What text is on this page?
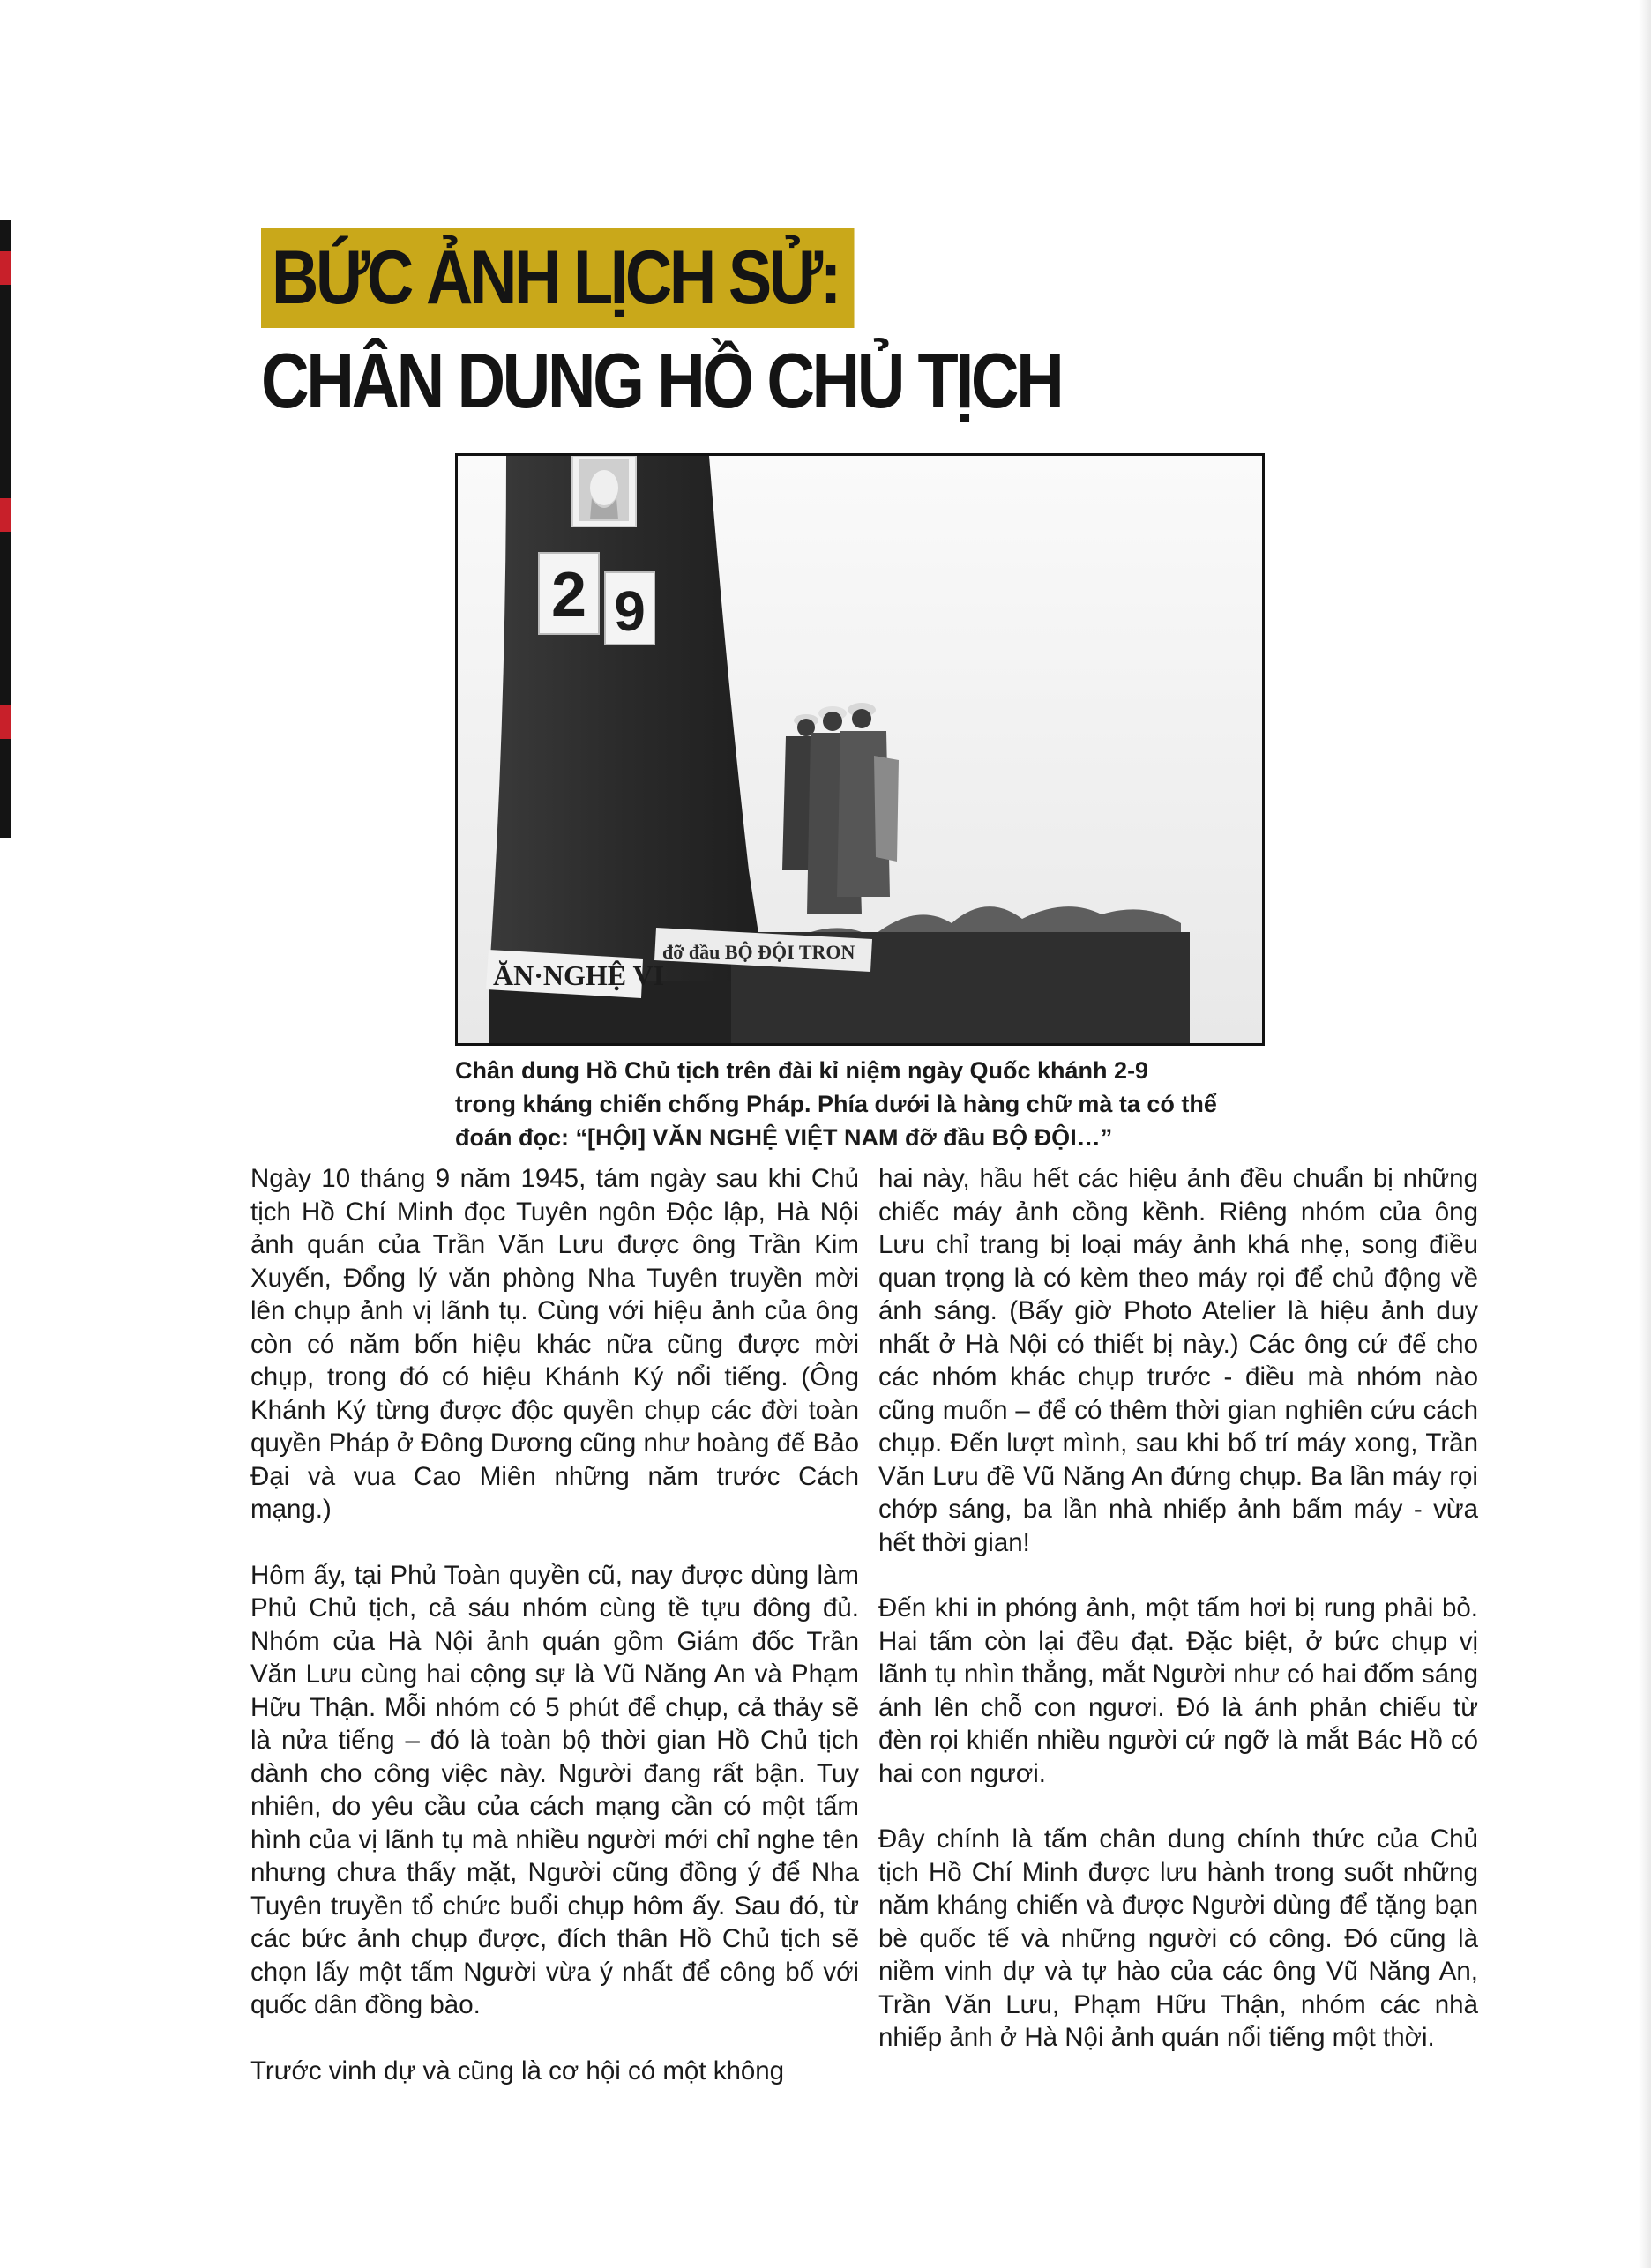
BỨC ẢNH LỊCH SỬ:
CHÂN DUNG HỒ CHỦ TỊCH
2 9
ĂN·NGHỆ VI
đỡ đầu BỘ ĐỘI TRON
Chân dung Hồ Chủ tịch trên đài kỉ niệm ngày Quốc khánh 2-9
trong kháng chiến chống Pháp. Phía dưới là hàng chữ mà ta có thể
đoán đọc: “[HỘI] VĂN NGHỆ VIỆT NAM đỡ đầu BỘ ĐỘI…”

Ngày 10 tháng 9 năm 1945, tám ngày sau khi Chủ tịch Hồ Chí Minh đọc Tuyên ngôn Độc lập, Hà Nội ảnh quán của Trần Văn Lưu được ông Trần Kim Xuyến, Đổng lý văn phòng Nha Tuyên truyền mời lên chụp ảnh vị lãnh tụ. Cùng với hiệu ảnh của ông còn có năm bốn hiệu khác nữa cũng được mời chụp, trong đó có hiệu Khánh Ký nổi tiếng. (Ông Khánh Ký từng được độc quyền chụp các đời toàn quyền Pháp ở Đông Dương cũng như hoàng đế Bảo Đại và vua Cao Miên những năm trước Cách mạng.)

Hôm ấy, tại Phủ Toàn quyền cũ, nay được dùng làm Phủ Chủ tịch, cả sáu nhóm cùng tề tựu đông đủ. Nhóm của Hà Nội ảnh quán gồm Giám đốc Trần Văn Lưu cùng hai cộng sự là Vũ Năng An và Phạm Hữu Thận. Mỗi nhóm có 5 phút để chụp, cả thảy sẽ là nửa tiếng – đó là toàn bộ thời gian Hồ Chủ tịch dành cho công việc này. Người đang rất bận. Tuy nhiên, do yêu cầu của cách mạng cần có một tấm hình của vị lãnh tụ mà nhiều người mới chỉ nghe tên nhưng chưa thấy mặt, Người cũng đồng ý để Nha Tuyên truyền tổ chức buổi chụp hôm ấy. Sau đó, từ các bức ảnh chụp được, đích thân Hồ Chủ tịch sẽ chọn lấy một tấm Người vừa ý nhất để công bố với quốc dân đồng bào.

Trước vinh dự và cũng là cơ hội có một không

hai này, hầu hết các hiệu ảnh đều chuẩn bị những chiếc máy ảnh cồng kềnh. Riêng nhóm của ông Lưu chỉ trang bị loại máy ảnh khá nhẹ, song điều quan trọng là có kèm theo máy rọi để chủ động về ánh sáng. (Bấy giờ Photo Atelier là hiệu ảnh duy nhất ở Hà Nội có thiết bị này.) Các ông cứ để cho các nhóm khác chụp trước - điều mà nhóm nào cũng muốn – để có thêm thời gian nghiên cứu cách chụp. Đến lượt mình, sau khi bố trí máy xong, Trần Văn Lưu đề Vũ Năng An đứng chụp. Ba lần máy rọi chớp sáng, ba lần nhà nhiếp ảnh bấm máy - vừa hết thời gian!

Đến khi in phóng ảnh, một tấm hơi bị rung phải bỏ. Hai tấm còn lại đều đạt. Đặc biệt, ở bức chụp vị lãnh tụ nhìn thẳng, mắt Người như có hai đốm sáng ánh lên chỗ con ngươi. Đó là ánh phản chiếu từ đèn rọi khiến nhiều người cứ ngỡ là mắt Bác Hồ có hai con ngươi.

Đây chính là tấm chân dung chính thức của Chủ tịch Hồ Chí Minh được lưu hành trong suốt những năm kháng chiến và được Người dùng để tặng bạn bè quốc tế và những người có công. Đó cũng là niềm vinh dự và tự hào của các ông Vũ Năng An, Trần Văn Lưu, Phạm Hữu Thận, nhóm các nhà nhiếp ảnh ở Hà Nội ảnh quán nổi tiếng một thời.
